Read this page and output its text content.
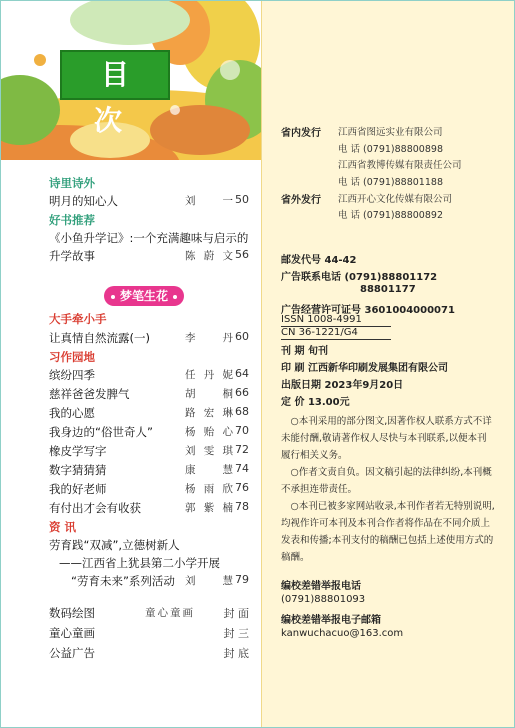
目 次
诗里诗外
明月的知心人	刘 一 50
好书推荐
《小鱼升学记》:一个充满趣味与启示的
升学故事	陈蔚文 56
梦笔生花
大手牵小手
让真情自然流露(一)	李 丹 60
习作园地
缤纷四季	任丹妮 64
慈祥爸爸发脾气	胡 桐 66
我的心愿	路宏琳 68
我身边的“俗世奇人”	杨贻心 70
橡皮学写字	刘雯琪 72
数字猜猜猜	康 慧 74
我的好老师	杨雨欣 76
有付出才会有收获	郭紫楠 78
资 讯
劳育践“双减”,立德树新人
——江西省上犹县第二小学开展
“劳育未来”系列活动 刘 慧 79
数码绘图	童心童画	封 面
童心童画	封 三
公益广告	封 底
省内发行 江西省图远实业有限公司
电 话 (0791)88800898
江西省教博传媒有限责任公司
电 话 (0791)88801188
省外发行 江西开心文化传媒有限公司
电 话 (0791)88800892
邮发代号 44-42
广告联系电话 (0791)88801172
88801177
广告经营许可证号 3601004000071
ISSN 1008-4991
CN 36-1221/G4
刊 期 旬刊
印 刷 江西新华印刷发展集团有限公司
出版日期 2023年9月20日
定 价 13.00元

○本刊采用的部分图文,因著作权人联系方式不详未能付酬,敬请著作权人尽快与本刊联系,以便本刊履行相关义务。

○作者文责自负。因文稿引起的法律纠纷,本刊概不承担连带责任。

○本刊已被多家网站收录,本刊作者若无特别说明,均视作许可本刊及本刊合作者将作品在不同介质上发表和传播;本刊支付的稿酬已包括上述使用方式的稿酬。

编校差错举报电话
(0791)88801093
编校差错举报电子邮箱
kanwuchacuo@163.com
